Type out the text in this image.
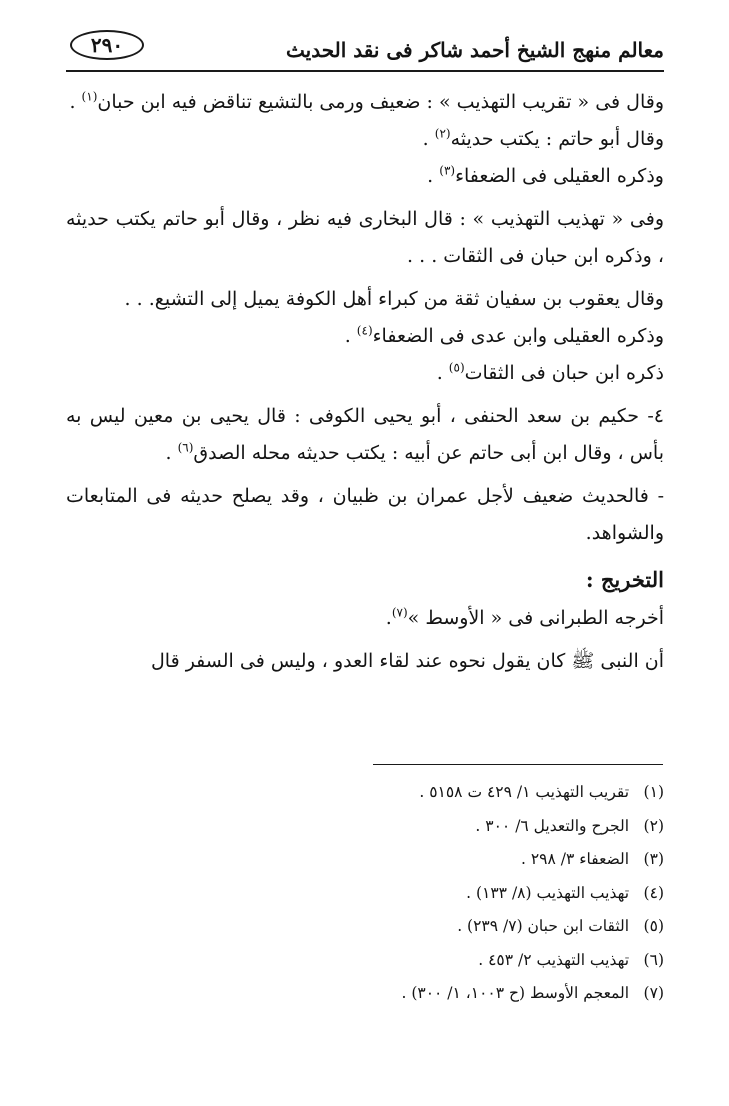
٢٩٠	معالم منهج الشيخ أحمد شاكر فى نقد الحديث

وقال فى « تقريب التهذيب » : ضعيف ورمى بالتشيع تناقض فيه ابن حبان$^{(١)}$ .

وقال أبو حاتم : يكتب حديثه$^{(٢)}$ .

وذكره العقيلى فى الضعفاء$^{(٣)}$ .

وفى « تهذيب التهذيب » : قال البخارى فيه نظر ، وقال أبو حاتم يكتب حديثه ، وذكره ابن حبان فى الثقات . . .

وقال يعقوب بن سفيان ثقة من كبراء أهل الكوفة يميل إلى التشيع. . .

وذكره العقيلى وابن عدى فى الضعفاء$^{(٤)}$ .

ذكره ابن حبان فى الثقات$^{(٥)}$ .

٤- حكيم بن سعد الحنفى ، أبو يحيى الكوفى : قال يحيى بن معين ليس به بأس ، وقال ابن أبى حاتم عن أبيه : يكتب حديثه محله الصدق$^{(٦)}$ .

- فالحديث ضعيف لأجل عمران بن ظبيان ، وقد يصلح حديثه فى المتابعات والشواهد.

التخريج :

أخرجه الطبرانى فى « الأوسط »$^{(٧)}$.

أن النبى ﷺ كان يقول نحوه عند لقاء العدو ، وليس فى السفر قال

(١) تقريب التهذيب ١/ ٤٢٩ ت ٥١٥٨ .

(٢) الجرح والتعديل ٦/ ٣٠٠ .

(٣) الضعفاء ٣/ ٢٩٨ .

(٤) تهذيب التهذيب (٨/ ١٣٣) .

(٥) الثقات ابن حبان (٧/ ٢٣٩) .

(٦) تهذيب التهذيب ٢/ ٤٥٣ .

(٧) المعجم الأوسط (ح ١٠٠٣، ١/ ٣٠٠) .
